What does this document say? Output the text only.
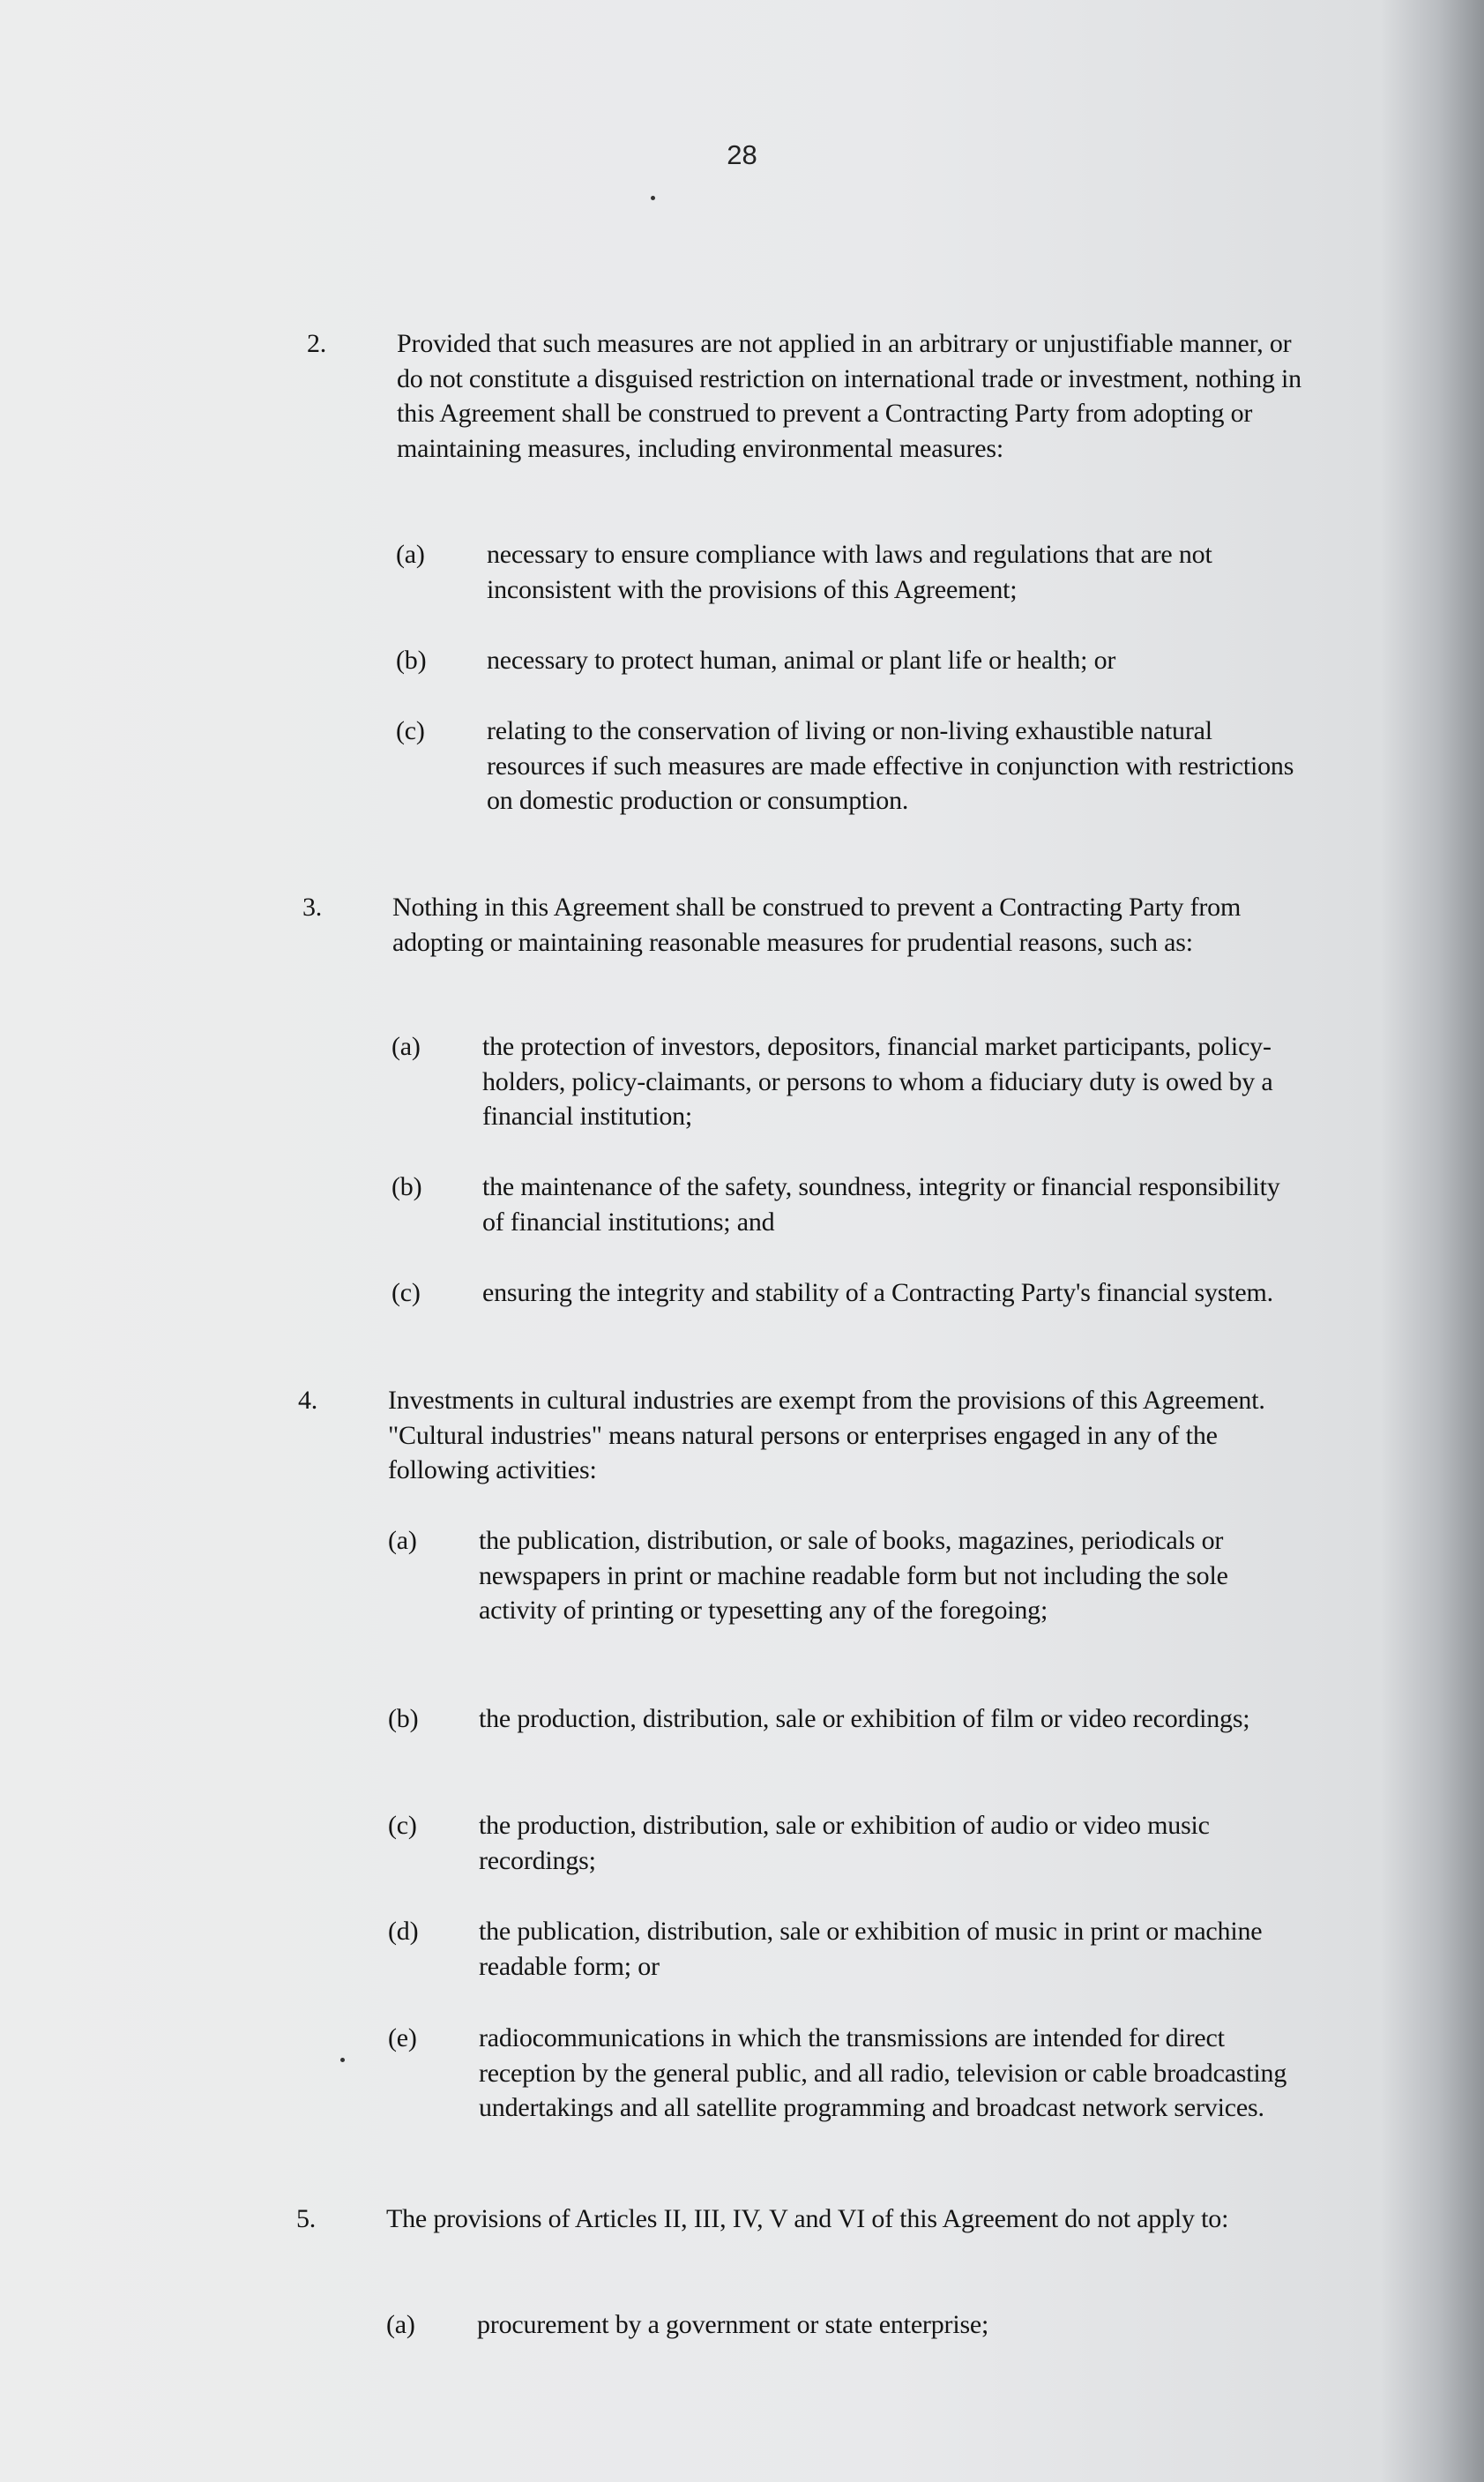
28
2.	Provided that such measures are not applied in an arbitrary or unjustifiable manner, or do not constitute a disguised restriction on international trade or investment, nothing in this Agreement shall be construed to prevent a Contracting Party from adopting or maintaining measures, including environmental measures:
(a) necessary to ensure compliance with laws and regulations that are not inconsistent with the provisions of this Agreement;
(b) necessary to protect human, animal or plant life or health; or
(c) relating to the conservation of living or non-living exhaustible natural resources if such measures are made effective in conjunction with restrictions on domestic production or consumption.
3.	Nothing in this Agreement shall be construed to prevent a Contracting Party from adopting or maintaining reasonable measures for prudential reasons, such as:
(a) the protection of investors, depositors, financial market participants, policy-holders, policy-claimants, or persons to whom a fiduciary duty is owed by a financial institution;
(b) the maintenance of the safety, soundness, integrity or financial responsibility of financial institutions; and
(c) ensuring the integrity and stability of a Contracting Party's financial system.
4.	Investments in cultural industries are exempt from the provisions of this Agreement. "Cultural industries" means natural persons or enterprises engaged in any of the following activities:
(a) the publication, distribution, or sale of books, magazines, periodicals or newspapers in print or machine readable form but not including the sole activity of printing or typesetting any of the foregoing;
(b) the production, distribution, sale or exhibition of film or video recordings;
(c) the production, distribution, sale or exhibition of audio or video music recordings;
(d) the publication, distribution, sale or exhibition of music in print or machine readable form; or
(e) radiocommunications in which the transmissions are intended for direct reception by the general public, and all radio, television or cable broadcasting undertakings and all satellite programming and broadcast network services.
5.	The provisions of Articles II, III, IV, V and VI of this Agreement do not apply to:
(a) procurement by a government or state enterprise;
